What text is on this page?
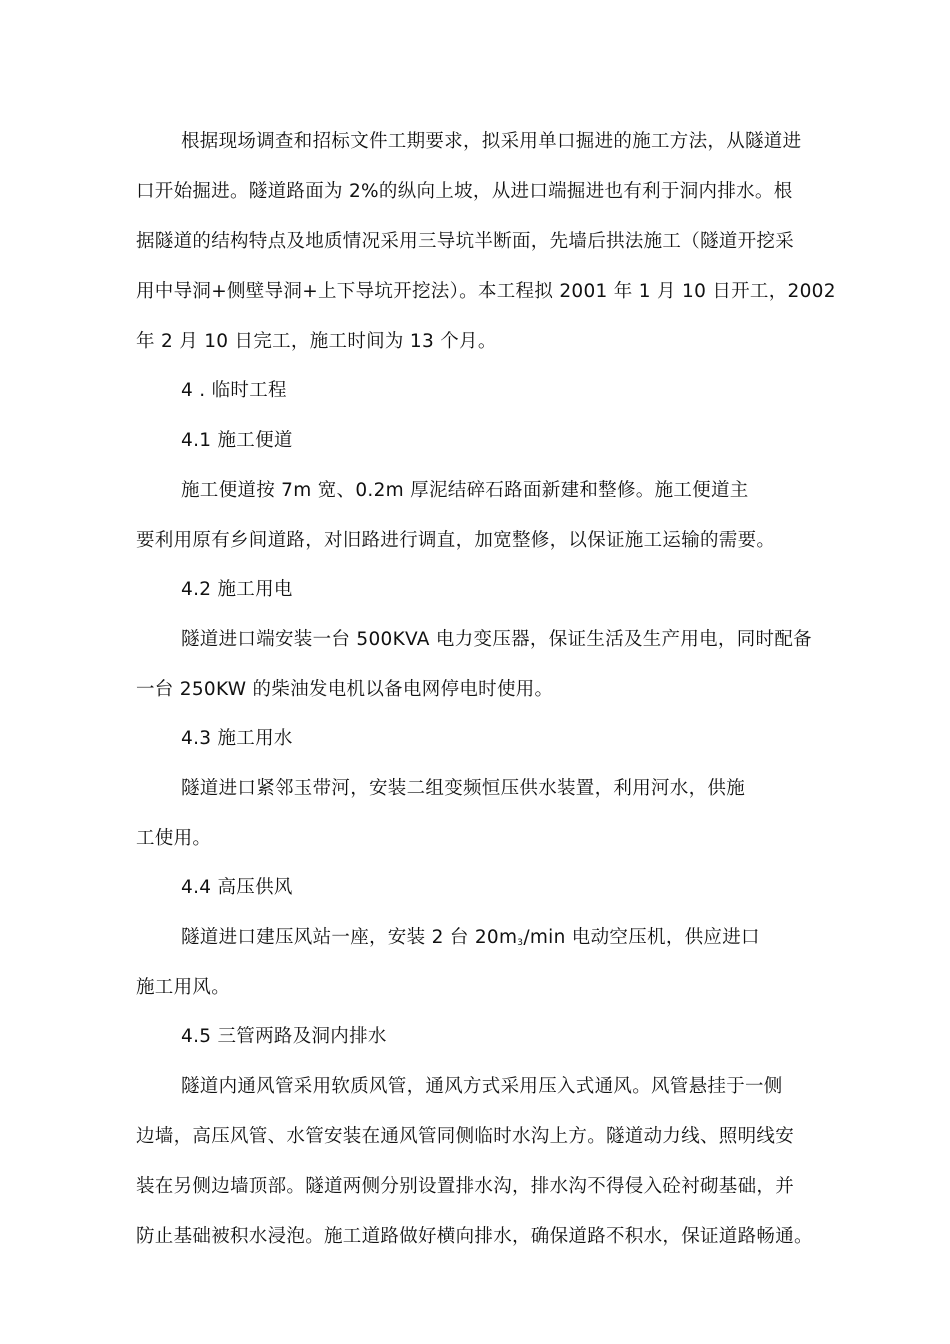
根据现场调查和招标文件工期要求，拟采用单口掘进的施工方法，从隧道进

口开始掘进。隧道路面为 2%的纵向上坡，从进口端掘进也有利于洞内排水。根

据隧道的结构特点及地质情况采用三导坑半断面，先墙后拱法施工（隧道开挖采

用中导洞+侧壁导洞+上下导坑开挖法）。本工程拟 2001 年 1 月 10 日开工，2002

年 2 月 10 日完工，施工时间为 13 个月。

4 . 临时工程

4.1 施工便道

施工便道按 7m 宽、0.2m 厚泥结碎石路面新建和整修。施工便道主

要利用原有乡间道路，对旧路进行调直，加宽整修，以保证施工运输的需要。

4.2 施工用电

隧道进口端安装一台 500KVA 电力变压器，保证生活及生产用电，同时配备

一台 250KW 的柴油发电机以备电网停电时使用。

4.3 施工用水

隧道进口紧邻玉带河，安装二组变频恒压供水装置，利用河水，供施

工使用。

4.4 高压供风

隧道进口建压风站一座，安装 2 台 $20m_3/\min$ 电动空压机，供应进口

施工用风。

4.5 三管两路及洞内排水

隧道内通风管采用软质风管，通风方式采用压入式通风。风管悬挂于一侧

边墙，高压风管、水管安装在通风管同侧临时水沟上方。隧道动力线、照明线安

装在另侧边墙顶部。隧道两侧分别设置排水沟，排水沟不得侵入砼衬砌基础，并

防止基础被积水浸泡。施工道路做好横向排水，确保道路不积水，保证道路畅通。
